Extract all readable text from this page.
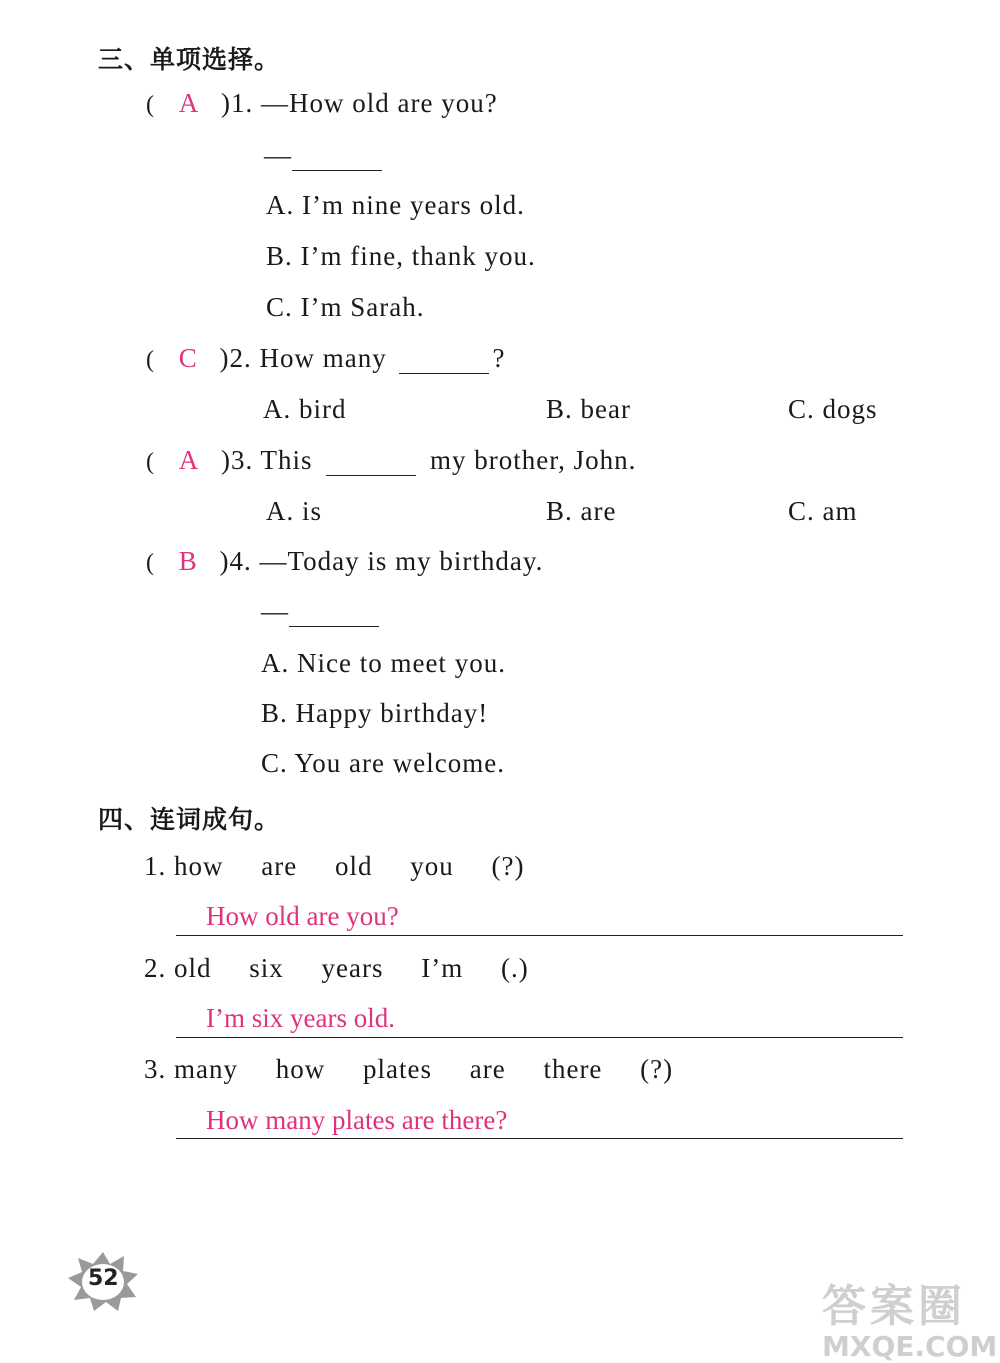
三、单项选择。
( A )1. —How old are you?
—
A. I’m nine years old.
B. I’m fine, thank you.
C. I’m Sarah.
( C )2. How many	?
A. bird	B. bear	C. dogs
( A )3. This	my brother, John.
A. is	B. are	C. am
( B )4. —Today is my birthday.
—
A. Nice to meet you.
B. Happy birthday!
C. You are welcome.
四、连词成句。
1. how are old you (?)
How old are you?
2. old six years I’m (.)
I’m six years old.
3. many how plates are there (?)
How many plates are there?
52
答案圈
MXQE.COM
